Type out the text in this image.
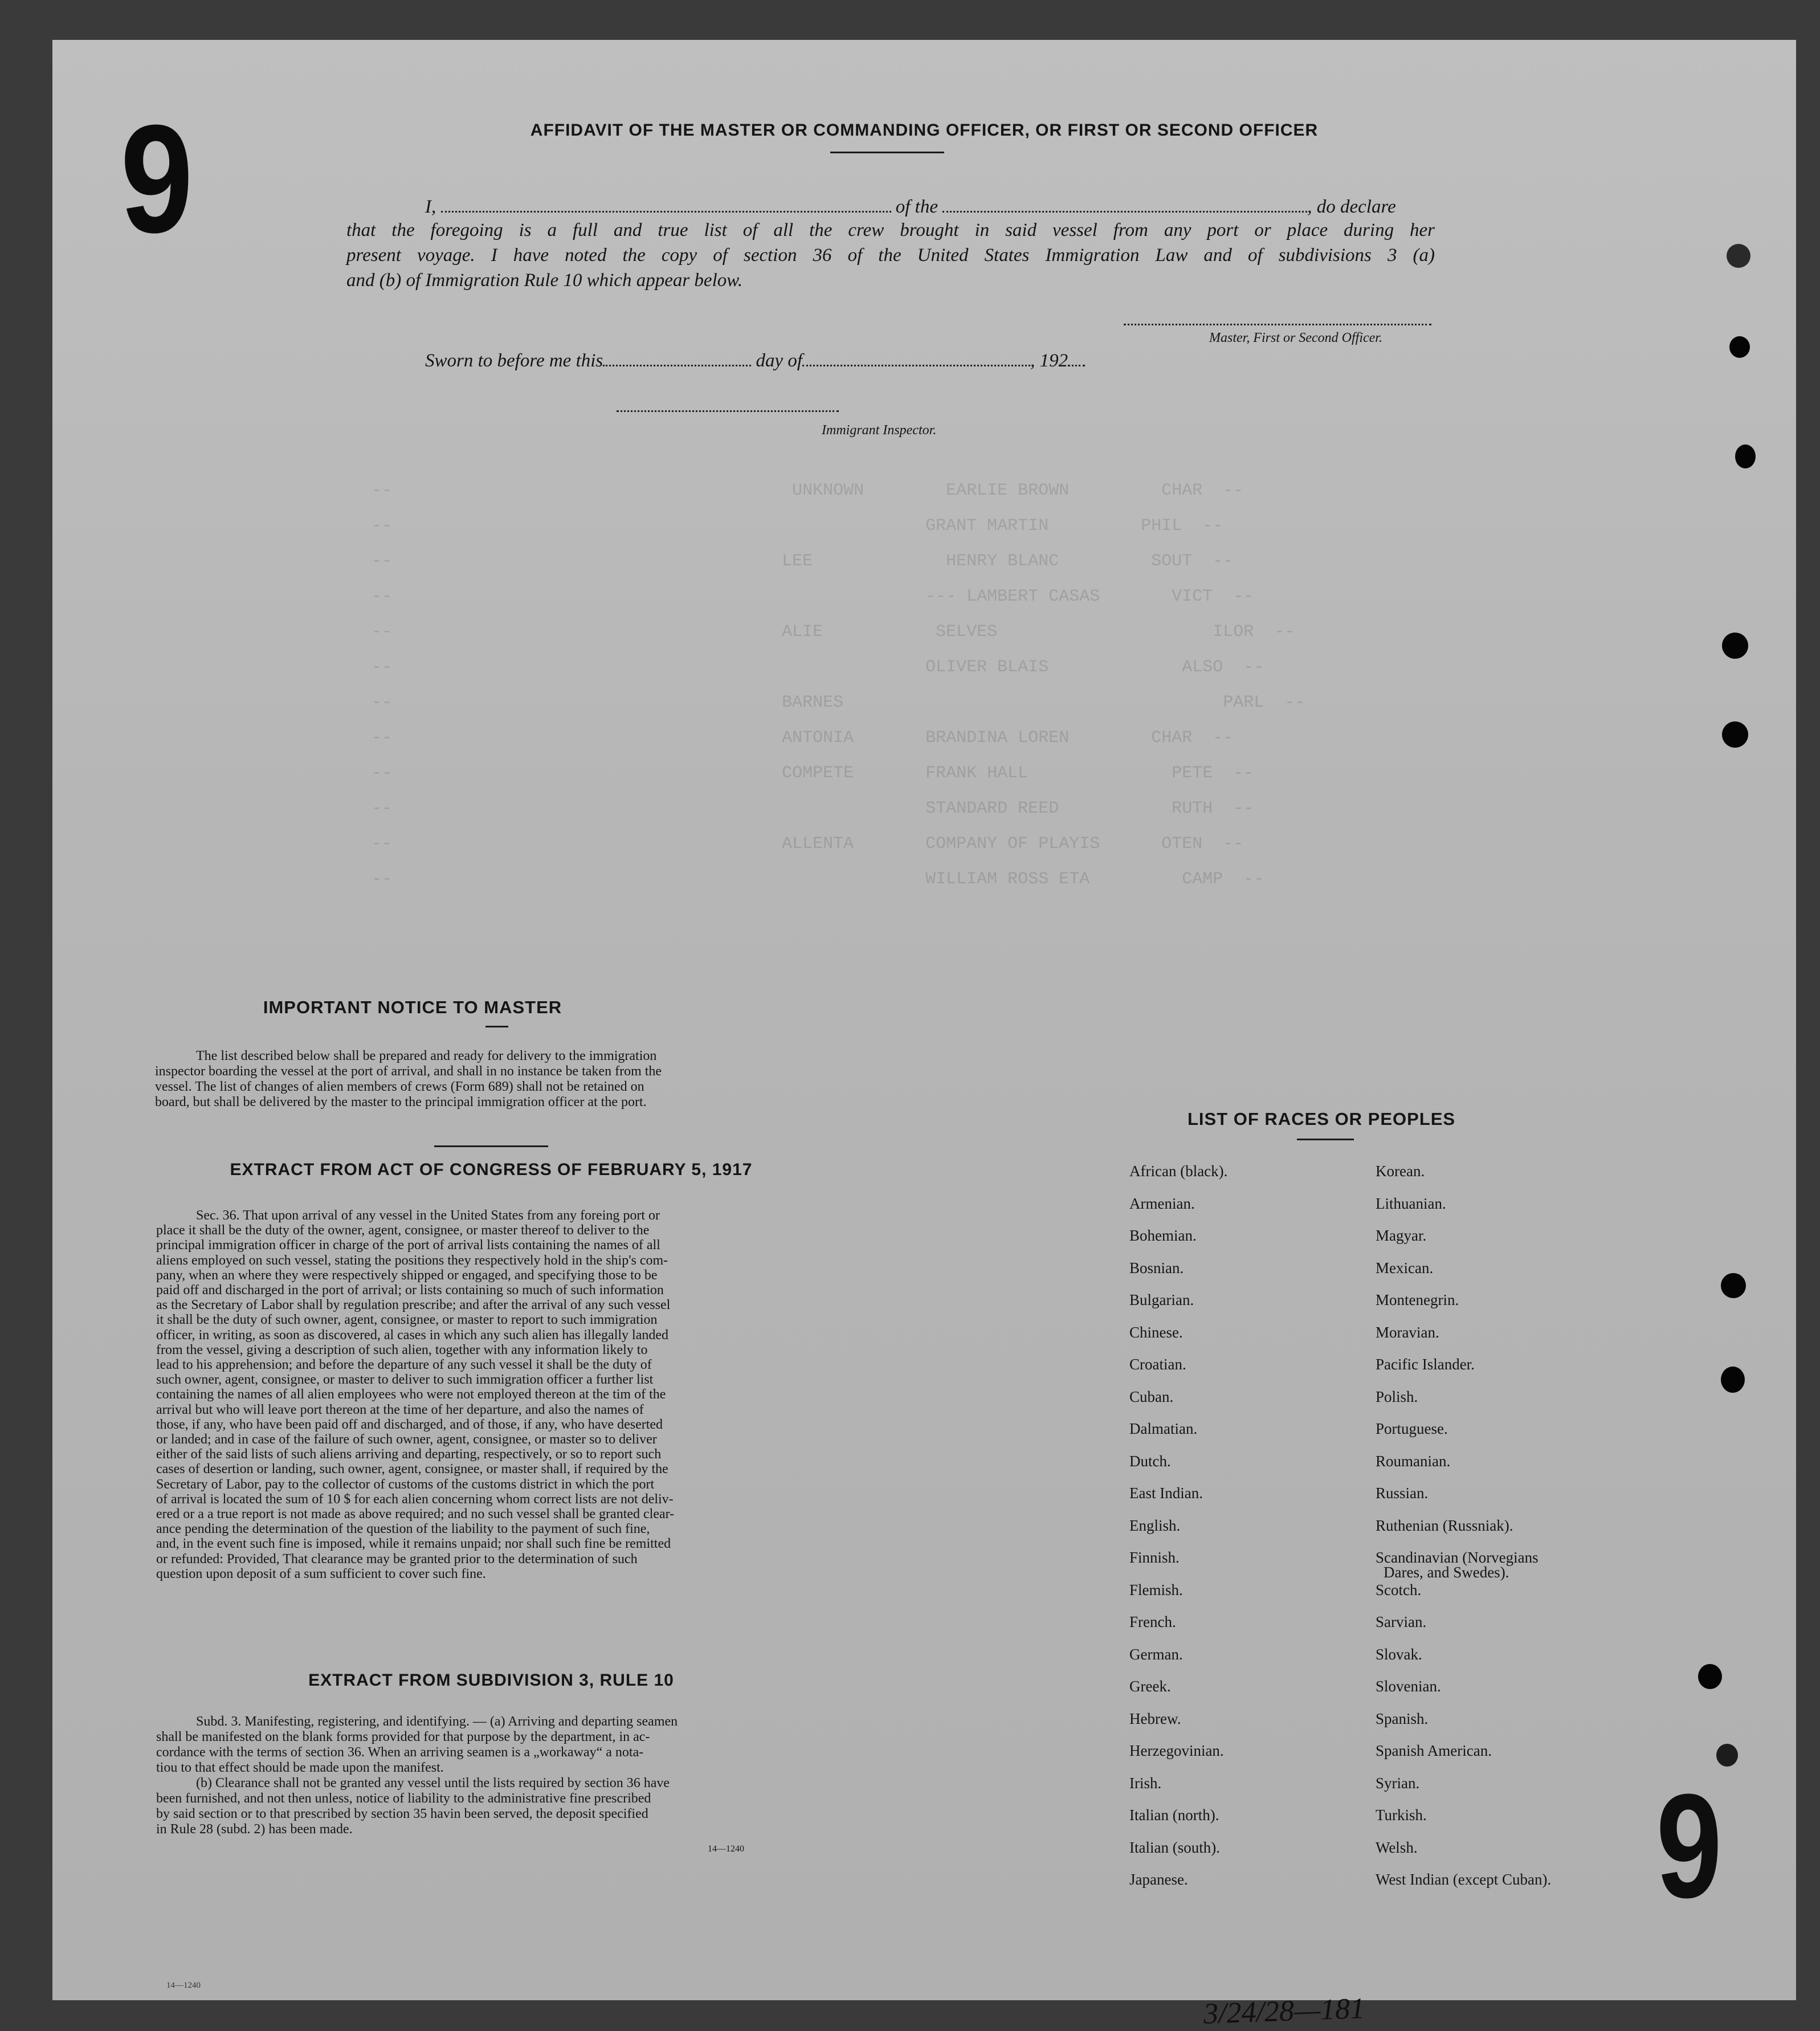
9
9
--                                       UNKNOWN        EARLIE BROWN         CHAR  --
--                                                    GRANT MARTIN         PHIL  --
--                                      LEE             HENRY BLANC         SOUT  --
--                                                    --- LAMBERT CASAS       VICT  --
--                                      ALIE           SELVES                     ILOR  --
--                                                    OLIVER BLAIS             ALSO  --
--                                      BARNES                                     PARL  --
--                                      ANTONIA       BRANDINA LOREN        CHAR  --
--                                      COMPETE       FRANK HALL              PETE  --
--                                                    STANDARD REED           RUTH  --
--                                      ALLENTA       COMPANY OF PLAYIS      OTEN  --
--                                                    WILLIAM ROSS ETA         CAMP  --
AFFIDAVIT OF THE MASTER OR COMMANDING OFFICER, OR FIRST OR SECOND OFFICER
I,	of the	, do declare
that the foregoing is a full and true list of all the crew brought in said vessel from any port or place during her
present voyage. I have noted the copy of section 36 of the United States Immigration Law and of subdivisions 3 (a)
and (b) of Immigration Rule 10 which appear below.
Master, First or Second Officer.
Sworn to before me this	day of	, 192
Immigrant Inspector.
IMPORTANT NOTICE TO MASTER
The list described below shall be prepared and ready for delivery to the immigration
inspector boarding the vessel at the port of arrival, and shall in no instance be taken from the
vessel. The list of changes of alien members of crews (Form 689) shall not be retained on
board, but shall be delivered by the master to the principal immigration officer at the port.
EXTRACT FROM ACT OF CONGRESS OF FEBRUARY 5, 1917
Sec. 36. That upon arrival of any vessel in the United States from any foreing port or
place it shall be the duty of the owner, agent, consignee, or master thereof to deliver to the
principal immigration officer in charge of the port of arrival lists containing the names of all
aliens employed on such vessel, stating the positions they respectively hold in the ship's com-
pany, when an where they were respectively shipped or engaged, and specifying those to be
paid off and discharged in the port of arrival; or lists containing so much of such information
as the Secretary of Labor shall by regulation prescribe; and after the arrival of any such vessel
it shall be the duty of such owner, agent, consignee, or master to report to such immigration
officer, in writing, as soon as discovered, al cases in which any such alien has illegally landed
from the vessel, giving a description of such alien, together with any information likely to
lead to his apprehension; and before the departure of any such vessel it shall be the duty of
such owner, agent, consignee, or master to deliver to such immigration officer a further list
containing the names of all alien employees who were not employed thereon at the tim of the
arrival but who will leave port thereon at the time of her departure, and also the names of
those, if any, who have been paid off and discharged, and of those, if any, who have deserted
or landed; and in case of the failure of such owner, agent, consignee, or master so to deliver
either of the said lists of such aliens arriving and departing, respectively, or so to report such
cases of desertion or landing, such owner, agent, consignee, or master shall, if required by the
Secretary of Labor, pay to the collector of customs of the customs district in which the port
of arrival is located the sum of 10 $ for each alien concerning whom correct lists are not deliv-
ered or a a true report is not made as above required; and no such vessel shall be granted clear-
ance pending the determination of the question of the liability to the payment of such fine,
and, in the event such fine is imposed, while it remains unpaid; nor shall such fine be remitted
or refunded: Provided, That clearance may be granted prior to the determination of such
question upon deposit of a sum sufficient to cover such fine.
EXTRACT FROM SUBDIVISION 3, RULE 10
Subd. 3. Manifesting, registering, and identifying. — (a) Arriving and departing seamen
shall be manifested on the blank forms provided for that purpose by the department, in ac-
cordance with the terms of section 36. When an arriving seamen is a „workaway“ a nota-
tiou to that effect should be made upon the manifest.
(b) Clearance shall not be granted any vessel until the lists required by section 36 have
been furnished, and not then unless, notice of liability to the administrative fine prescribed
by said section or to that prescribed by section 35 havin been served, the deposit specified
in Rule 28 (subd. 2) has been made.
14—1240
LIST OF RACES OR PEOPLES
African (black).
Armenian.
Bohemian.
Bosnian.
Bulgarian.
Chinese.
Croatian.
Cuban.
Dalmatian.
Dutch.
East Indian.
English.
Finnish.
Flemish.
French.
German.
Greek.
Hebrew.
Herzegovinian.
Irish.
Italian (north).
Italian (south).
Japanese.
Korean.
Lithuanian.
Magyar.
Mexican.
Montenegrin.
Moravian.
Pacific Islander.
Polish.
Portuguese.
Roumanian.
Russian.
Ruthenian (Russniak).
Scandinavian (Norvegians
Dares, and Swedes).
Scotch.
Sarvian.
Slovak.
Slovenian.
Spanish.
Spanish American.
Syrian.
Turkish.
Welsh.
West Indian (except Cuban).
14—1240
3/24/28—181
